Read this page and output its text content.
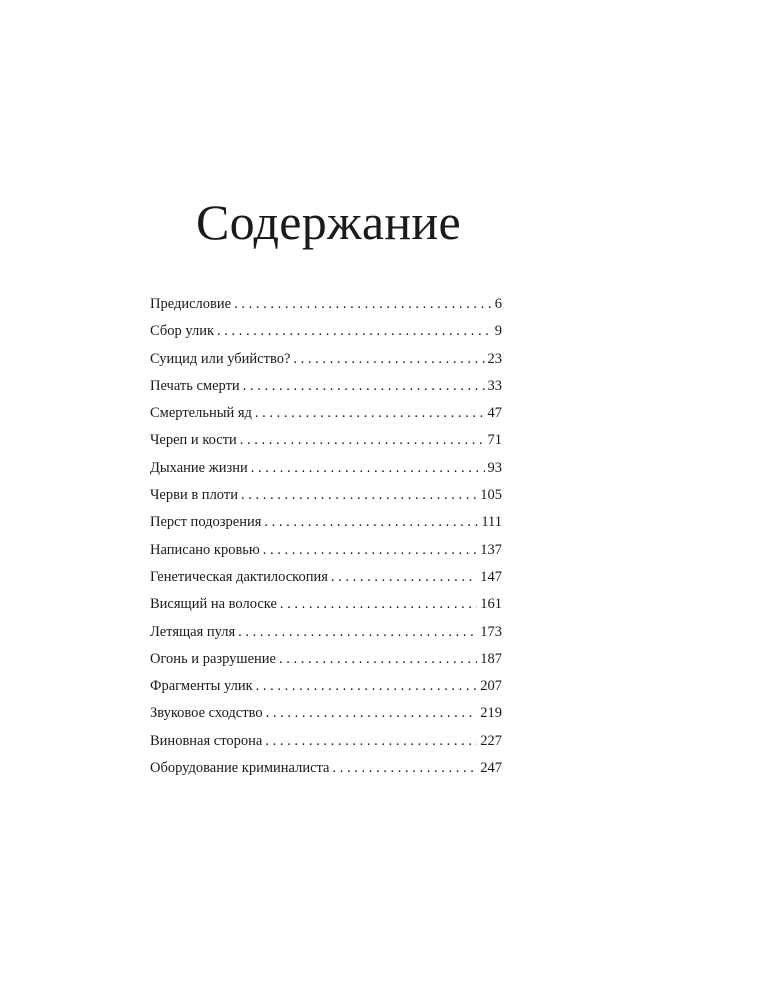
Содержание
Предисловие . . .	6
Сбор улик . . .	9
Суицид или убийство? . . .	23
Печать смерти . . .	33
Смертельный яд . . .	47
Череп и кости . . .	71
Дыхание жизни . . .	93
Черви в плоти . . .	105
Перст подозрения . . .	111
Написано кровью . . .	137
Генетическая дактилоскопия . . .	147
Висящий на волоске . . .	161
Летящая пуля . . .	173
Огонь и разрушение . . .	187
Фрагменты улик . . .	207
Звуковое сходство . . .	219
Виновная сторона . . .	227
Оборудование криминалиста . . .	247
